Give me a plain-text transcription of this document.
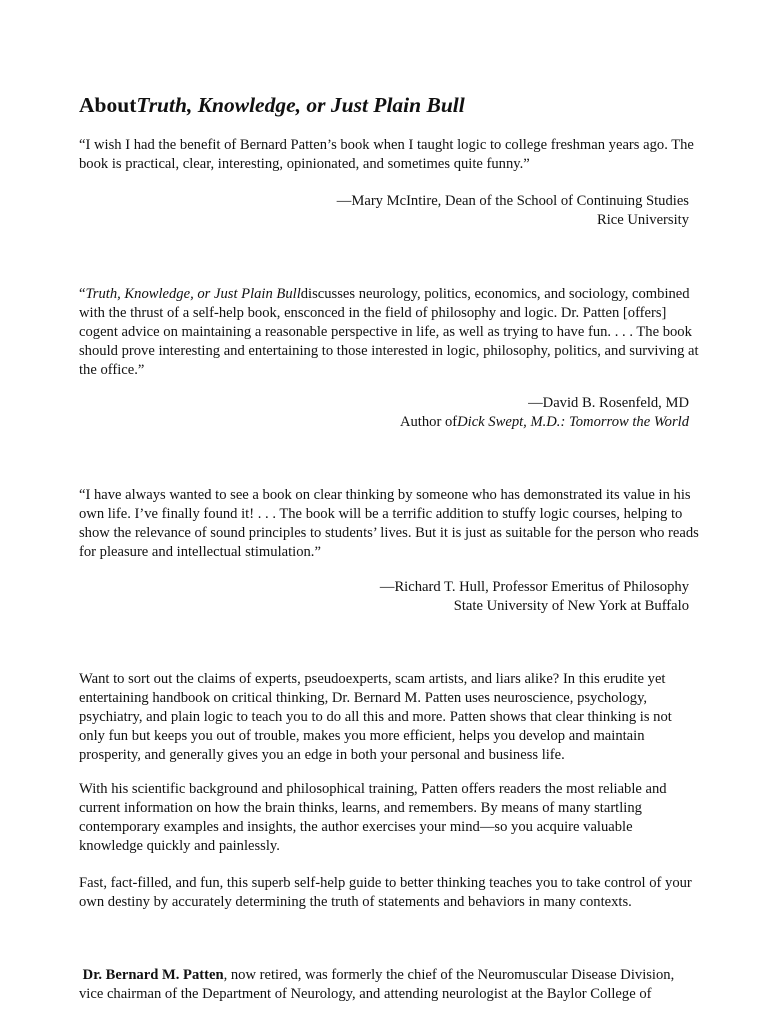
AboutTruth, Knowledge, or Just Plain Bull

“I wish I had the benefit of Bernard Patten’s book when I taught logic to college freshman years ago. The book is practical, clear, interesting, opinionated, and sometimes quite funny.”

—Mary McIntire, Dean of the School of Continuing Studies
Rice University

“Truth, Knowledge, or Just Plain Bulldiscusses neurology, politics, economics, and sociology, combined with the thrust of a self-help book, ensconced in the field of philosophy and logic. Dr. Patten [offers] cogent advice on maintaining a reasonable perspective in life, as well as trying to have fun. . . . The book should prove interesting and entertaining to those interested in logic, philosophy, politics, and surviving at the office.”

—David B. Rosenfeld, MD
Author ofDick Swept, M.D.: Tomorrow the World

“I have always wanted to see a book on clear thinking by someone who has demonstrated its value in his own life. I’ve finally found it! . . . The book will be a terrific addition to stuffy logic courses, helping to show the relevance of sound principles to students’ lives. But it is just as suitable for the person who reads for pleasure and intellectual stimulation.”

—Richard T. Hull, Professor Emeritus of Philosophy
State University of New York at Buffalo

Want to sort out the claims of experts, pseudoexperts, scam artists, and liars alike? In this erudite yet entertaining handbook on critical thinking, Dr. Bernard M. Patten uses neuroscience, psychology, psychiatry, and plain logic to teach you to do all this and more. Patten shows that clear thinking is not only fun but keeps you out of trouble, makes you more efficient, helps you develop and maintain prosperity, and generally gives you an edge in both your personal and business life.

With his scientific background and philosophical training, Patten offers readers the most reliable and current information on how the brain thinks, learns, and remembers. By means of many startling contemporary examples and insights, the author exercises your mind—so you acquire valuable knowledge quickly and painlessly.

Fast, fact-filled, and fun, this superb self-help guide to better thinking teaches you to take control of your own destiny by accurately determining the truth of statements and behaviors in many contexts.

Dr. Bernard M. Patten, now retired, was formerly the chief of the Neuromuscular Disease Division, vice chairman of the Department of Neurology, and attending neurologist at the Baylor College of
